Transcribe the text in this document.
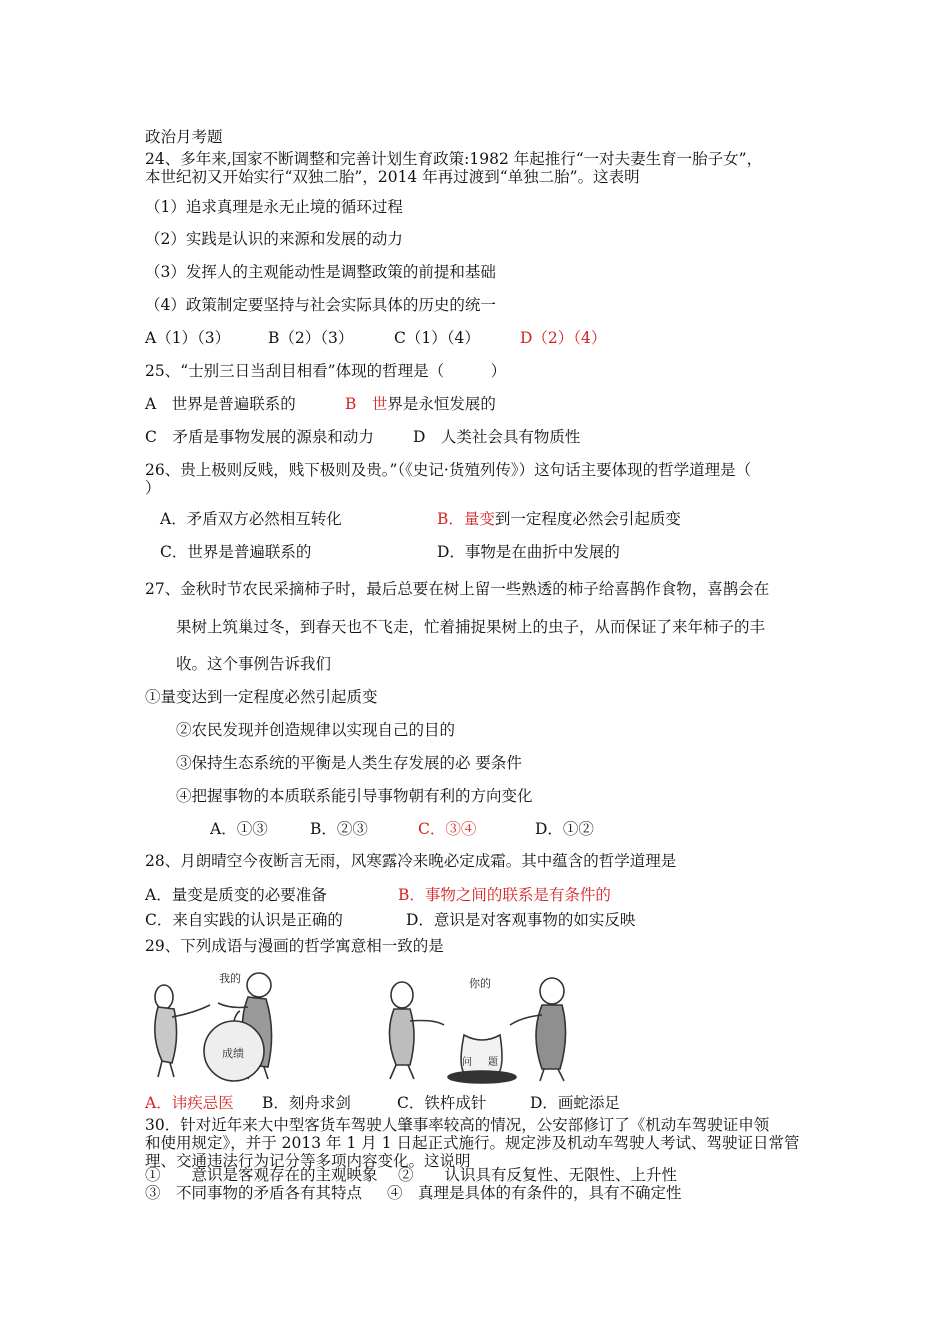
政治月考题
24、多年来,国家不断调整和完善计划生育政策:1982 年起推行“一对夫妻生育一胎子女”，
本世纪初又开始实行“双独二胎”，2014 年再过渡到“单独二胎”。这表明
（1）追求真理是永无止境的循环过程
（2）实践是认识的来源和发展的动力
（3）发挥人的主观能动性是调整政策的前提和基础
（4）政策制定要坚持与社会实际具体的历史的统一
A（1）（3） B（2）（3）	C（1）（4）	D（2）（4）
25、“士别三日当刮目相看”体现的哲理是（　　　）
A　世界是普遍联系的	B　世界是永恒发展的
C　矛盾是事物发展的源泉和动力	D　人类社会具有物质性
26、贵上极则反贱，贱下极则及贵。”（《史记·货殖列传》）这句话主要体现的哲学道理是（
）
A．矛盾双方必然相互转化	B．量变到一定程度必然会引起质变
C．世界是普遍联系的	D．事物是在曲折中发展的
27、金秋时节农民采摘柿子时，最后总要在树上留一些熟透的柿子给喜鹊作食物，喜鹊会在
果树上筑巢过冬，到春天也不飞走，忙着捕捉果树上的虫子，从而保证了来年柿子的丰
收。这个事例告诉我们
①量变达到一定程度必然引起质变
②农民发现并创造规律以实现自己的目的
③保持生态系统的平衡是人类生存发展的必 要条件
④把握事物的本质联系能引导事物朝有利的方向变化
A．①③	B．②③	C．③④	D．①②
28、月朗晴空今夜断言无雨，风寒露冷来晚必定成霜。其中蕴含的哲学道理是
A．量变是质变的必要准备	B．事物之间的联系是有条件的
C．来自实践的认识是正确的	D．意识是对客观事物的如实反映
29、下列成语与漫画的哲学寓意相一致的是
我的
成绩
你的
问 题
A．讳疾忌医 B．刻舟求剑	C．铁杵成针	D．画蛇添足
30．针对近年来大中型客货车驾驶人肇事率较高的情况，公安部修订了《机动车驾驶证申领
和使用规定》，并于 2013 年 1 月 1 日起正式施行。规定涉及机动车驾驶人考试、驾驶证日常管
理、交通违法行为记分等多项内容变化。这说明
①　　意识是客观存在的主观映象 ②　　认识具有反复性、无限性、上升性
③　不同事物的矛盾各有其特点 ④　真理是具体的有条件的，具有不确定性
